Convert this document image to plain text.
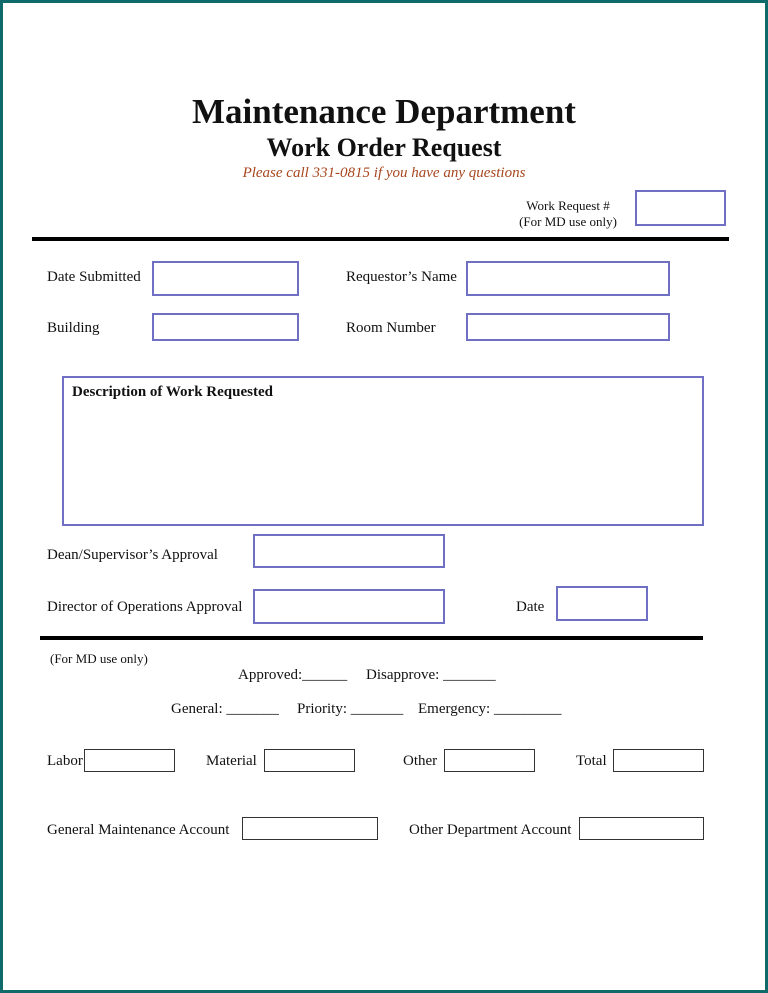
Maintenance Department
Work Order Request
Please call 331-0815 if you have any questions
Work Request #
(For MD use only)
Date Submitted	Requestor’s Name
Building	Room Number
Description of Work Requested
Dean/Supervisor’s Approval
Director of Operations Approval	Date
(For MD use only)
Approved:______ Disapprove: _______
General: _______ Priority: _______ Emergency: _________
Labor	Material	Other	Total
General Maintenance Account	Other Department Account
